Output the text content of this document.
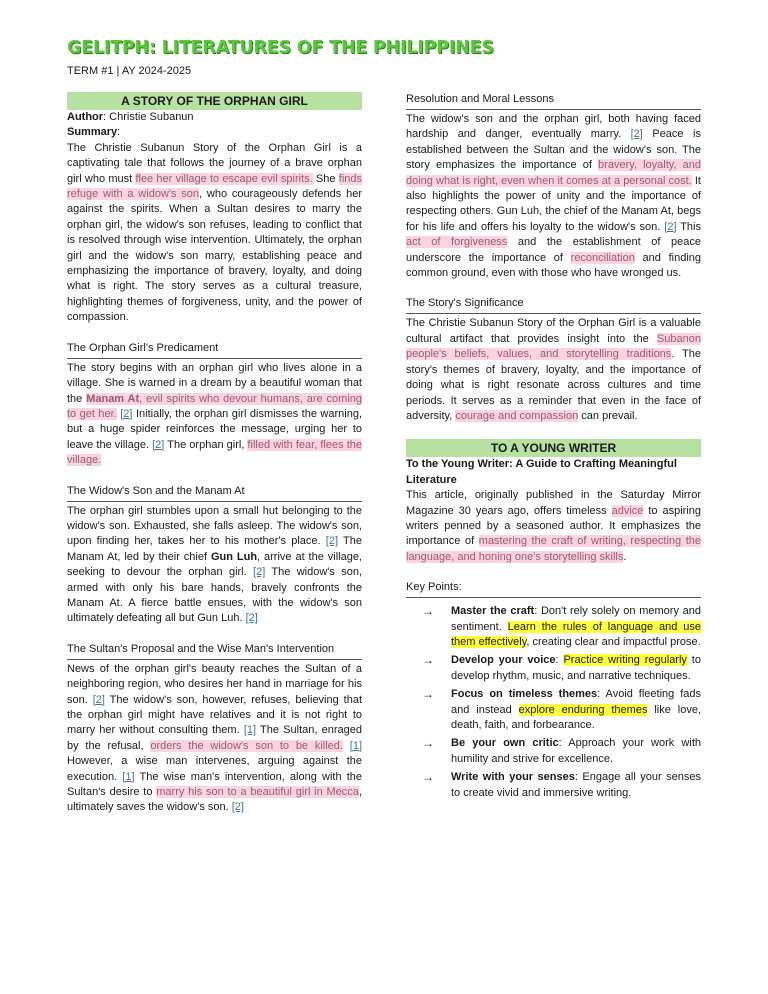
GELITPH: LITERATURES OF THE PHILIPPINES
TERM #1 | AY 2024-2025
A STORY OF THE ORPHAN GIRL

Author: Christie Subanun

Summary:

The Christie Subanun Story of the Orphan Girl is a captivating tale that follows the journey of a brave orphan girl who must flee her village to escape evil spirits. She finds refuge with a widow's son, who courageously defends her against the spirits. When a Sultan desires to marry the orphan girl, the widow's son refuses, leading to conflict that is resolved through wise intervention. Ultimately, the orphan girl and the widow's son marry, establishing peace and emphasizing the importance of bravery, loyalty, and doing what is right. The story serves as a cultural treasure, highlighting themes of forgiveness, unity, and the power of compassion.

The Orphan Girl's Predicament

The story begins with an orphan girl who lives alone in a village. She is warned in a dream by a beautiful woman that the Manam At, evil spirits who devour humans, are coming to get her. [2] Initially, the orphan girl dismisses the warning, but a huge spider reinforces the message, urging her to leave the village. [2] The orphan girl, filled with fear, flees the village.

The Widow's Son and the Manam At

The orphan girl stumbles upon a small hut belonging to the widow's son. Exhausted, she falls asleep. The widow's son, upon finding her, takes her to his mother's place. [2] The Manam At, led by their chief Gun Luh, arrive at the village, seeking to devour the orphan girl. [2] The widow's son, armed with only his bare hands, bravely confronts the Manam At. A fierce battle ensues, with the widow's son ultimately defeating all but Gun Luh. [2]

The Sultan's Proposal and the Wise Man's Intervention

News of the orphan girl's beauty reaches the Sultan of a neighboring region, who desires her hand in marriage for his son. [2] The widow's son, however, refuses, believing that the orphan girl might have relatives and it is not right to marry her without consulting them. [1] The Sultan, enraged by the refusal, orders the widow's son to be killed. [1] However, a wise man intervenes, arguing against the execution. [1] The wise man's intervention, along with the Sultan's desire to marry his son to a beautiful girl in Mecca, ultimately saves the widow's son. [2]

Resolution and Moral Lessons

The widow's son and the orphan girl, both having faced hardship and danger, eventually marry. [2] Peace is established between the Sultan and the widow's son. The story emphasizes the importance of bravery, loyalty, and doing what is right, even when it comes at a personal cost. It also highlights the power of unity and the importance of respecting others. Gun Luh, the chief of the Manam At, begs for his life and offers his loyalty to the widow's son. [2] This act of forgiveness and the establishment of peace underscore the importance of reconciliation and finding common ground, even with those who have wronged us.

The Story's Significance

The Christie Subanun Story of the Orphan Girl is a valuable cultural artifact that provides insight into the Subanon people's beliefs, values, and storytelling traditions. The story's themes of bravery, loyalty, and the importance of doing what is right resonate across cultures and time periods. It serves as a reminder that even in the face of adversity, courage and compassion can prevail.

TO A YOUNG WRITER

To the Young Writer: A Guide to Crafting Meaningful Literature

This article, originally published in the Saturday Mirror Magazine 30 years ago, offers timeless advice to aspiring writers penned by a seasoned author. It emphasizes the importance of mastering the craft of writing, respecting the language, and honing one's storytelling skills.

Key Points:

→ Master the craft: Don't rely solely on memory and sentiment. Learn the rules of language and use them effectively, creating clear and impactful prose.
→ Develop your voice: Practice writing regularly to develop rhythm, music, and narrative techniques.
→ Focus on timeless themes: Avoid fleeting fads and instead explore enduring themes like love, death, faith, and forbearance.
→ Be your own critic: Approach your work with humility and strive for excellence.
→ Write with your senses: Engage all your senses to create vivid and immersive writing.
